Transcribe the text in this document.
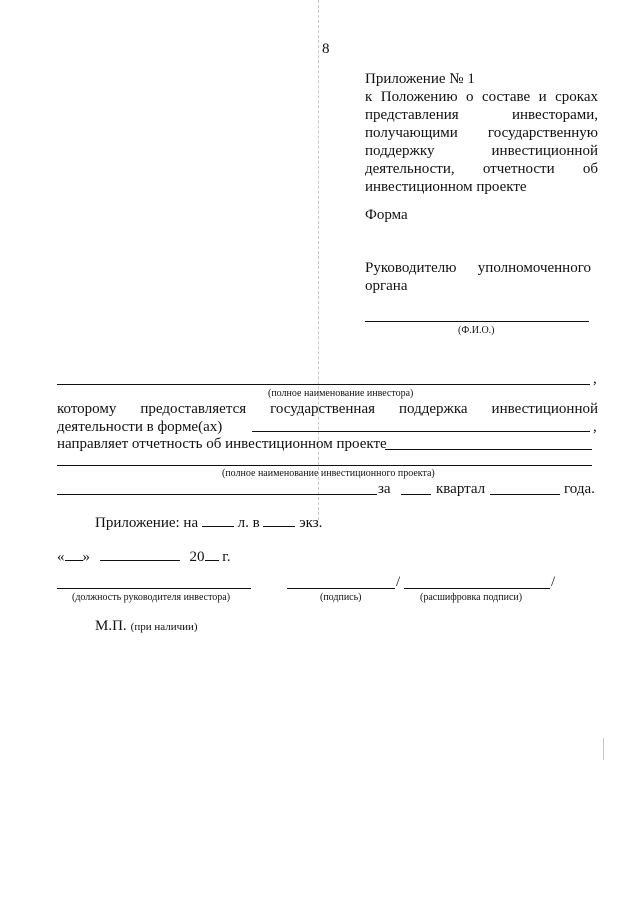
8
Приложение № 1
к Положению о составе и сроках
представления инвесторами,
получающими государственную
поддержку инвестиционной
деятельности, отчетности об
инвестиционном проекте
Форма
Руководителю уполномоченного
органа
(Ф.И.О.)
,
(полное наименование инвестора)
которому предоставляется государственная поддержка инвестиционной
деятельности в форме(ах)	,
направляет отчетность об инвестиционном проекте
(полное наименование инвестиционного проекта)
за	квартал	года.
Приложение: на	л. в	экз.
« »	20 г.
/	/
(должность руководителя инвестора)	(подпись)	(расшифровка подписи)
М.П. (при наличии)
